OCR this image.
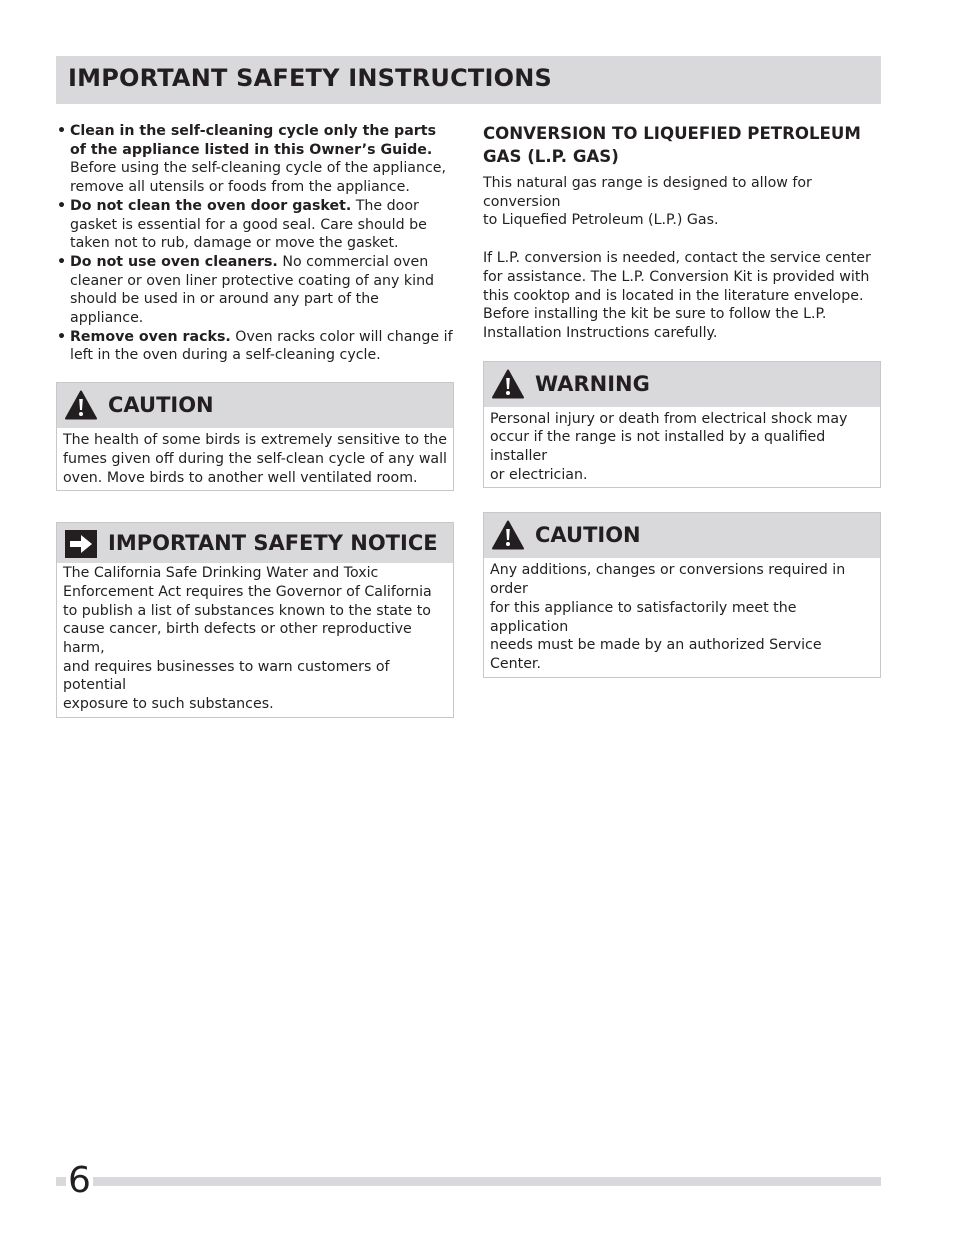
IMPORTANT SAFETY INSTRUCTIONS
• Clean in the self-cleaning cycle only the parts of the appliance listed in this Owner’s Guide. Before using the self-cleaning cycle of the appliance, remove all utensils or foods from the appliance.
• Do not clean the oven door gasket. The door gasket is essential for a good seal. Care should be taken not to rub, damage or move the gasket.
• Do not use oven cleaners. No commercial oven cleaner or oven liner protective coating of any kind should be used in or around any part of the appliance.
• Remove oven racks. Oven racks color will change if left in the oven during a self-cleaning cycle.
CAUTION
The health of some birds is extremely sensitive to the fumes given off during the self-clean cycle of any wall oven. Move birds to another well ventilated room.
IMPORTANT SAFETY NOTICE
The California Safe Drinking Water and Toxic
Enforcement Act requires the Governor of California
to publish a list of substances known to the state to
cause cancer, birth defects or other reproductive harm,
and requires businesses to warn customers of potential
exposure to such substances.
CONVERSION TO LIQUEFIED PETROLEUM GAS (L.P. GAS)
This natural gas range is designed to allow for conversion
to Liquefied Petroleum (L.P.) Gas.
If L.P. conversion is needed, contact the service center
for assistance. The L.P. Conversion Kit is provided with
this cooktop and is located in the literature envelope.
Before installing the kit be sure to follow the L.P.
Installation Instructions carefully.
WARNING
Personal injury or death from electrical shock may
occur if the range is not installed by a qualified installer
or electrician.
CAUTION
Any additions, changes or conversions required in order
for this appliance to satisfactorily meet the application
needs must be made by an authorized Service Center.
6
